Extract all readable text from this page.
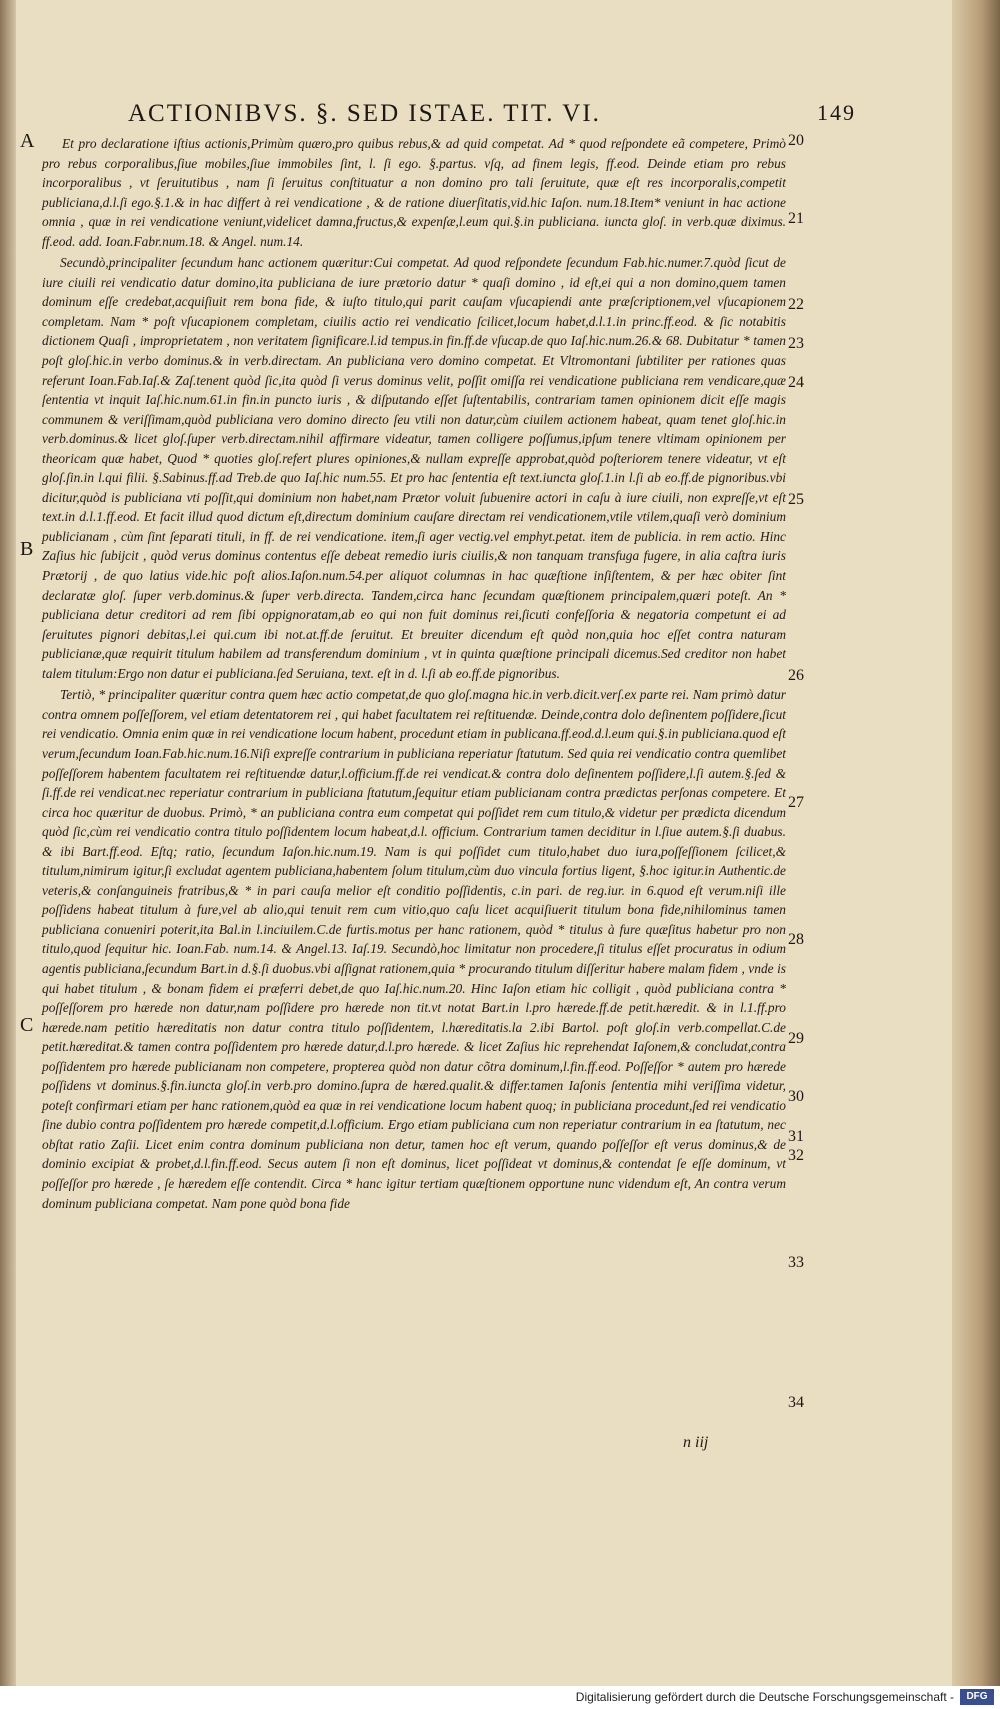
ACTIONIBVS. §. SED ISTAE. TIT. VI.	149
A
B
C

Et pro declaratione iſtius actionis,Primùm quæro,pro quibus rebus,& ad quid competat. Ad * quod reſpondete eã competere, Primò pro rebus corporalibus,ſiue mobiles,ſiue immobiles ſint, l. ſi ego. §.partus. vſq, ad finem legis, ff.eod. Deinde etiam pro rebus incorporalibus , vt ſeruitutibus , nam ſi ſeruitus conſtituatur a non domino pro tali ſeruitute, quæ eſt res incorporalis,competit publiciana,d.l.ſi ego.§.1.& in hac differt à rei vendicatione , & de ratione diuerſitatis,vid.hic Iaſon. num.18.Item* veniunt in hac actione omnia , quæ in rei vendicatione veniunt,videlicet damna,fructus,& expenſæ,l.eum qui.§.in publiciana. iuncta gloſ. in verb.quæ diximus. ff.eod. add. Ioan.Fabr.num.18. & Angel. num.14.

Secundò,principaliter ſecundum hanc actionem quæritur:Cui competat. Ad quod reſpondete ſecundum Fab.hic.numer.7.quòd ſicut de iure ciuili rei vendicatio datur domino,ita publiciana de iure prætorio datur * quaſi domino , id eſt,ei qui a non domino,quem tamen dominum eſſe credebat,acquiſiuit rem bona fide, & iuſto titulo,qui parit cauſam vſucapiendi ante præſcriptionem,vel vſucapionem completam. Nam * poſt vſucapionem completam, ciuilis actio rei vendicatio ſcilicet,locum habet,d.l.1.in princ.ff.eod. & ſic notabitis dictionem Quaſi , improprietatem , non veritatem ſignificare.l.id tempus.in fin.ff.de vſucap.de quo Iaſ.hic.num.26.& 68. Dubitatur * tamen poſt gloſ.hic.in verbo dominus.& in verb.directam. An publiciana vero domino competat. Et Vltromontani ſubtiliter per rationes quas referunt Ioan.Fab.Iaſ.& Zaſ.tenent quòd ſic,ita quòd ſi verus dominus velit, poſſit omiſſa rei vendicatione publiciana rem vendicare,quæ ſententia vt inquit Iaſ.hic.num.61.in fin.in puncto iuris , & diſputando eſſet ſuſtentabilis, contrariam tamen opinionem dicit eſſe magis communem & veriſſimam,quòd publiciana vero domino directo ſeu vtili non datur,cùm ciuilem actionem habeat, quam tenet gloſ.hic.in verb.dominus.& licet gloſ.ſuper verb.directam.nihil affirmare videatur, tamen colligere poſſumus,ipſum tenere vltimam opinionem per theoricam quæ habet, Quod * quoties gloſ.refert plures opiniones,& nullam expreſſe approbat,quòd poſteriorem tenere videatur, vt eſt gloſ.ſin.in l.qui filii. §.Sabinus.ff.ad Treb.de quo Iaſ.hic num.55. Et pro hac ſententia eſt text.iuncta gloſ.1.in l.ſi ab eo.ff.de pignoribus.vbi dicitur,quòd is publiciana vti poſſit,qui dominium non habet,nam Prætor voluit ſubuenire actori in caſu à iure ciuili, non expreſſe,vt eſt text.in d.l.1.ff.eod. Et facit illud quod dictum eſt,directum dominium cauſare directam rei vendicationem,vtile vtilem,quaſi verò dominium publicianam , cùm ſint ſeparati tituli, in ff. de rei vendicatione. item,ſi ager vectig.vel emphyt.petat. item de publicia. in rem actio. Hinc Zaſius hic ſubijcit , quòd verus dominus contentus eſſe debeat remedio iuris ciuilis,& non tanquam transfuga fugere, in alia caſtra iuris Prætorij , de quo latius vide.hic poſt alios.Iaſon.num.54.per aliquot columnas in hac quæſtione inſiſtentem, & per hæc obiter ſint declaratæ gloſ. ſuper verb.dominus.& ſuper verb.directa. Tandem,circa hanc ſecundam quæſtionem principalem,quæri poteſt. An * publiciana detur creditori ad rem ſibi oppignoratam,ab eo qui non fuit dominus rei,ſicuti confeſſoria & negatoria competunt ei ad ſeruitutes pignori debitas,l.ei qui.cum ibi not.at.ff.de ſeruitut. Et breuiter dicendum eſt quòd non,quia hoc eſſet contra naturam publicianæ,quæ requirit titulum habilem ad transferendum dominium , vt in quinta quæſtione principali dicemus.Sed creditor non habet talem titulum:Ergo non datur ei publiciana.ſed Seruiana, text. eſt in d. l.ſi ab eo.ff.de pignoribus.

Tertiò, * principaliter quæritur contra quem hæc actio competat,de quo gloſ.magna hic.in verb.dicit.verſ.ex parte rei. Nam primò datur contra omnem poſſeſſorem, vel etiam detentatorem rei , qui habet facultatem rei reſtituendæ. Deinde,contra dolo deſinentem poſſidere,ſicut rei vendicatio. Omnia enim quæ in rei vendicatione locum habent, procedunt etiam in publicana.ff.eod.d.l.eum qui.§.in publiciana.quod eſt verum,ſecundum Ioan.Fab.hic.num.16.Niſi expreſſe contrarium in publiciana reperiatur ſtatutum. Sed quia rei vendicatio contra quemlibet poſſeſſorem habentem facultatem rei reſtituendæ datur,l.officium.ff.de rei vendicat.& contra dolo deſinentem poſſidere,l.ſi autem.§.ſed & ſi.ff.de rei vendicat.nec reperiatur contrarium in publiciana ſtatutum,ſequitur etiam publicianam contra prædictas perſonas competere. Et circa hoc quæritur de duobus. Primò, * an publiciana contra eum competat qui poſſidet rem cum titulo,& videtur per prædicta dicendum quòd ſic,cùm rei vendicatio contra titulo poſſidentem locum habeat,d.l. officium. Contrarium tamen deciditur in l.ſiue autem.§.ſi duabus. & ibi Bart.ff.eod. Eſtq; ratio, ſecundum Iaſon.hic.num.19. Nam is qui poſſidet cum titulo,habet duo iura,poſſeſſionem ſcilicet,& titulum,nimirum igitur,ſi excludat agentem publiciana,habentem ſolum titulum,cùm duo vincula fortius ligent, §.hoc igitur.in Authentic.de veteris,& conſanguineis fratribus,& * in pari cauſa melior eſt conditio poſſidentis, c.in pari. de reg.iur. in 6.quod eſt verum.niſi ille poſſidens habeat titulum à fure,vel ab alio,qui tenuit rem cum vitio,quo caſu licet acquiſiuerit titulum bona fide,nihilominus tamen publiciana conueniri poterit,ita Bal.in l.inciuilem.C.de furtis.motus per hanc rationem, quòd * titulus à fure quæſitus habetur pro non titulo,quod ſequitur hic. Ioan.Fab. num.14. & Angel.13. Iaſ.19. Secundò,hoc limitatur non procedere,ſi titulus eſſet procuratus in odium agentis publiciana,ſecundum Bart.in d.§.ſi duobus.vbi aſſignat rationem,quia * procurando titulum diſſeritur habere malam fidem , vnde is qui habet titulum , & bonam fidem ei præferri debet,de quo Iaſ.hic.num.20. Hinc Iaſon etiam hic colligit , quòd publiciana contra * poſſeſſorem pro hærede non datur,nam poſſidere pro hærede non tit.vt notat Bart.in l.pro hærede.ff.de petit.hæredit. & in l.1.ff.pro hærede.nam petitio hæreditatis non datur contra titulo poſſidentem, l.hæreditatis.la 2.ibi Bartol. poſt gloſ.in verb.compellat.C.de petit.hæreditat.& tamen contra poſſidentem pro hærede datur,d.l.pro hærede. & licet Zaſius hic reprehendat Iaſonem,& concludat,contra poſſidentem pro hærede publicianam non competere, propterea quòd non datur cõtra dominum,l.fin.ff.eod. Poſſeſſor * autem pro hærede poſſidens vt dominus.§.fin.iuncta gloſ.in verb.pro domino.ſupra de hæred.qualit.& differ.tamen Iaſonis ſententia mihi veriſſima videtur, poteſt confirmari etiam per hanc rationem,quòd ea quæ in rei vendicatione locum habent quoq; in publiciana procedunt,ſed rei vendicatio ſine dubio contra poſſidentem pro hærede competit,d.l.officium. Ergo etiam publiciana cum non reperiatur contrarium in ea ſtatutum, nec obſtat ratio Zaſii. Licet enim contra dominum publiciana non detur, tamen hoc eſt verum, quando poſſeſſor eſt verus dominus,& de dominio excipiat & probet,d.l.fin.ff.eod. Secus autem ſi non eſt dominus, licet poſſideat vt dominus,& contendat ſe eſſe dominum, vt poſſeſſor pro hærede , ſe hæredem eſſe contendit. Circa * hanc igitur tertiam quæſtionem opportune nunc videndum eſt, An contra verum dominum publiciana competat. Nam pone quòd bona fide

20
21
22
23
24
25
26
27
28
29
30
31
32
33
34
n iij
Digitalisierung gefördert durch die Deutsche Forschungsgemeinschaft -	DFG
